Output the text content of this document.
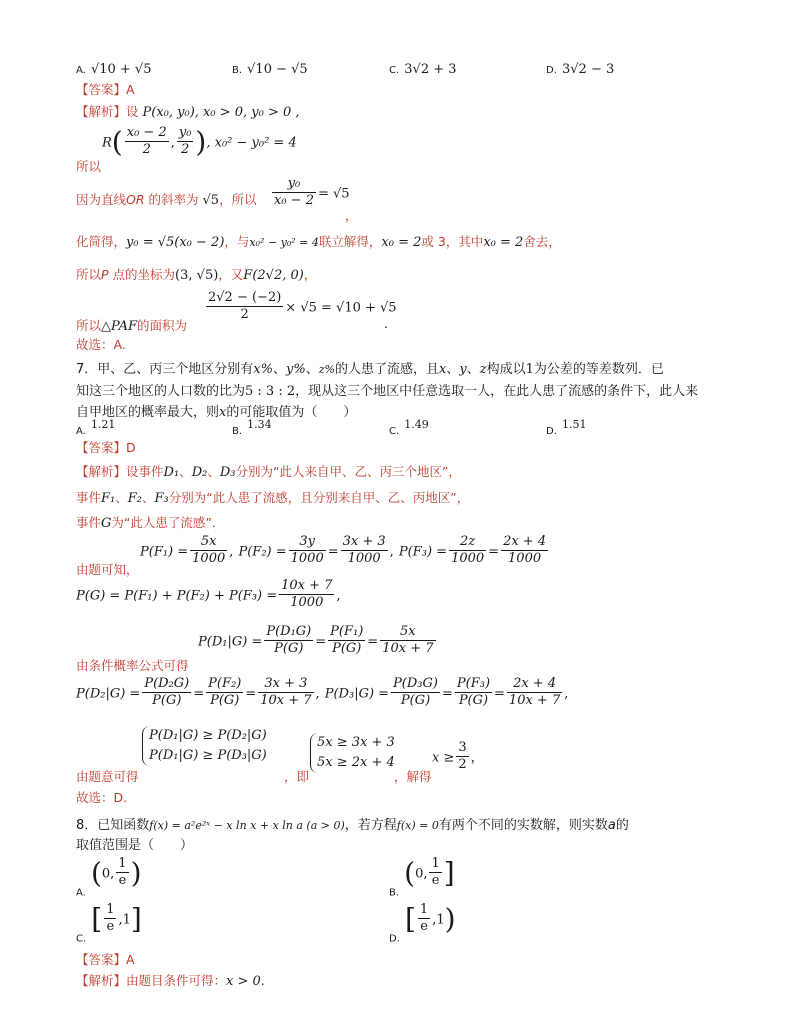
A. √10 + √5	B. √10 − √5	C. 3√2 + 3	D. 3√2 − 3
【答案】A
【解析】设 P(x₀, y₀), x₀ > 0, y₀ > 0 ,
$R( \frac{\text{x₀ − 2}}{2}$ , $\frac{\text{y₀}}{2}$ ), x₀² − y₀² = 4
所以
因为直线OR 的斜率为 √5，所以 $\frac{\text{y₀}}{\text{x₀ − 2}} = √5$
，
化简得，y₀ = √5(x₀ − 2)，与x₀² − y₀² = 4联立解得，x₀ = 2或 3，其中x₀ = 2舍去，
所以P 点的坐标为(3, √5)，又F(2√2, 0)，
所以△PAF的面积为
$\frac{2√2 - (-2)}{2} \times √5 = √10 + √5$
.
故选：A.
7．甲、乙、丙三个地区分别有x%、y%、z%的人患了流感，且x、y、z构成以1为公差的等差数列．已
知这三个地区的人口数的比为5 : 3 : 2，现从这三个地区中任意选取一人，在此人患了流感的条件下，此人来
自甲地区的概率最大，则x的可能取值为（　　）
A. $^{1.21}$
B. $^{1.34}$
C. $^{1.49}$
D. $^{1.51}$
【答案】D
【解析】设事件D₁、D₂、D₃分别为“此人来自甲、乙、丙三个地区”，
事件F₁、F₂、F₃分别为“此人患了流感，且分别来自甲、乙、丙地区”，
事件G为“此人患了流感”．
$P(F_1) = \frac{5x}{1000}$ , $P(F_2) = \frac{3y}{1000} = \frac{3x + 3}{1000}$ , $P(F_3) = \frac{2z}{1000} = \frac{2x + 4}{1000}$
由题可知，
$P(G) = P(F_1) + P(F_2) + P(F_3) = \frac{10x + 7}{1000}$ ,
$P(D_1|G) = \frac{\text{P(D₁G)}}{P(G)} = \frac{\text{P(F₁)}}{P(G)} = \frac{5x}{10x + 7}$
由条件概率公式可得
$P(D_2|G) = \frac{\text{P(D₂G)}}{P(G)} = \frac{\text{P(F₂)}}{P(G)} = \frac{3x + 3}{10x + 7}$ , $P(D_3|G) = \frac{\text{P(D₃G)}}{P(G)} = \frac{\text{P(F₃)}}{P(G)} = \frac{2x + 4}{10x + 7}$ ,
由题意可得
P(D₁|G) ≥ P(D₂|G)
P(D₁|G) ≥ P(D₃|G)
，即
5x ≥ 3x + 3
5x ≥ 2x + 4
，解得
$x \ge \frac{3}{2}$ ，
故选：D.
8．已知函数f(x) = a²e²ˣ − x ln x + x ln a (a > 0)，若方程f(x) = 0有两个不同的实数解，则实数a的
取值范围是（　　）
$_{A.}$ (0, $\frac{1}{e}$ )
$_{B.}$ (0, $\frac{1}{e}$ ]
$_{C.}$ [ $\frac{1}{e} ,1$]
$_{D.}$ [ $\frac{1}{e} ,1$)
【答案】A
【解析】由题目条件可得：x > 0.
